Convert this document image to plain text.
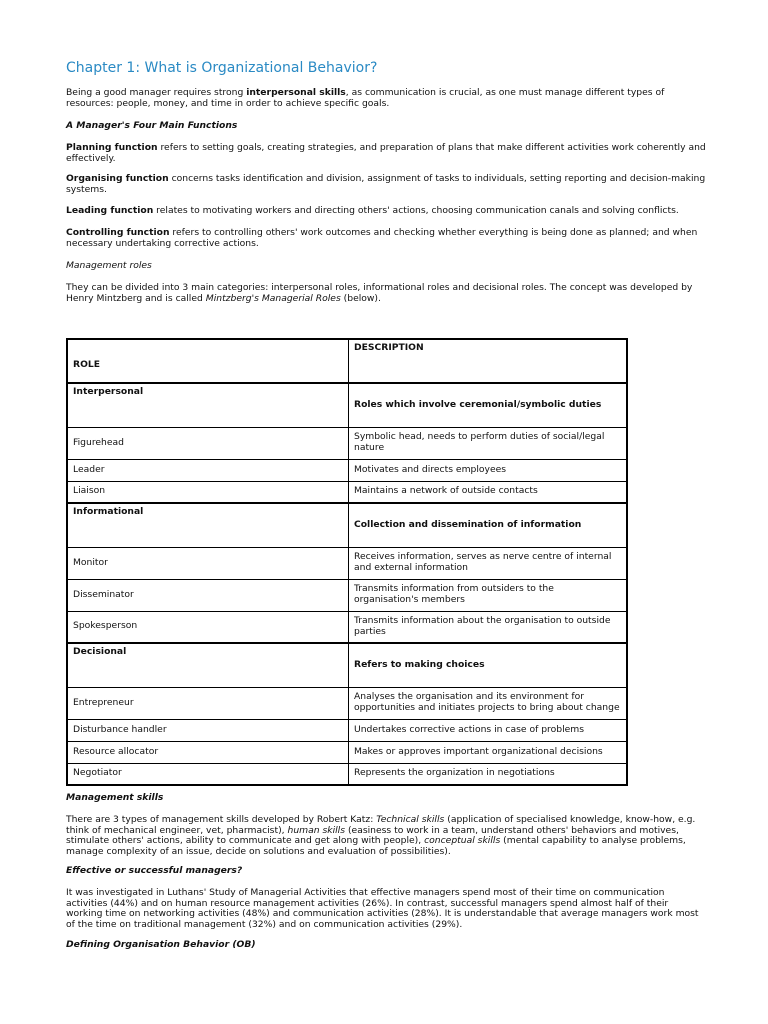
Chapter 1: What is Organizational Behavior?

Being a good manager requires strong interpersonal skills, as communication is crucial, as one must manage different types of resources: people, money, and time in order to achieve specific goals.

A Manager's Four Main Functions

Planning function refers to setting goals, creating strategies, and preparation of plans that make different activities work coherently and effectively.

Organising function concerns tasks identification and division, assignment of tasks to individuals, setting reporting and decision-making systems.

Leading function relates to motivating workers and directing others' actions, choosing communication canals and solving conflicts.

Controlling function refers to controlling others' work outcomes and checking whether everything is being done as planned; and when necessary undertaking corrective actions.

Management roles

They can be divided into 3 main categories: interpersonal roles, informational roles and decisional roles. The concept was developed by Henry Mintzberg and is called Mintzberg's Managerial Roles (below).

ROLE	DESCRIPTION
Interpersonal	Roles which involve ceremonial/symbolic duties
Figurehead	Symbolic head, needs to perform duties of social/legal nature
Leader	Motivates and directs employees
Liaison	Maintains a network of outside contacts
Informational	Collection and dissemination of information
Monitor	Receives information, serves as nerve centre of internal and external information
Disseminator	Transmits information from outsiders to the organisation's members
Spokesperson	Transmits information about the organisation to outside parties
Decisional	Refers to making choices
Entrepreneur	Analyses the organisation and its environment for opportunities and initiates projects to bring about change
Disturbance handler	Undertakes corrective actions in case of problems
Resource allocator	Makes or approves important organizational decisions
Negotiator	Represents the organization in negotiations

Management skills

There are 3 types of management skills developed by Robert Katz: Technical skills (application of specialised knowledge, know-how, e.g. think of mechanical engineer, vet, pharmacist), human skills (easiness to work in a team, understand others' behaviors and motives, stimulate others' actions, ability to communicate and get along with people), conceptual skills (mental capability to analyse problems, manage complexity of an issue, decide on solutions and evaluation of possibilities).

Effective or successful managers?

It was investigated in Luthans' Study of Managerial Activities that effective managers spend most of their time on communication activities (44%) and on human resource management activities (26%). In contrast, successful managers spend almost half of their working time on networking activities (48%) and communication activities (28%). It is understandable that average managers work most of the time on traditional management (32%) and on communication activities (29%).

Defining Organisation Behavior (OB)
